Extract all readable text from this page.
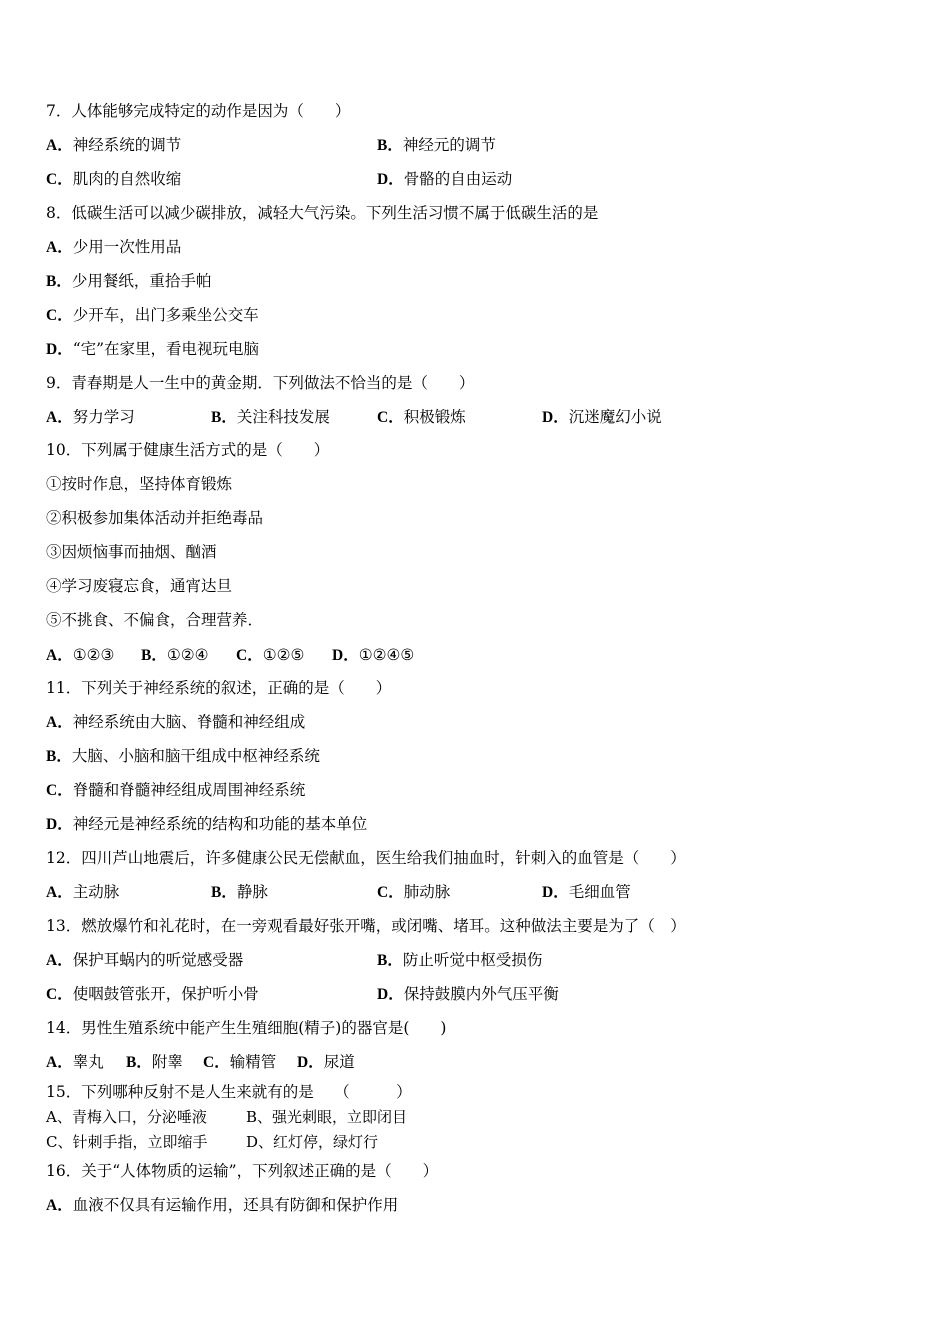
7．人体能够完成特定的动作是因为（　　）
A．神经系统的调节	B．神经元的调节
C．肌肉的自然收缩	D．骨骼的自由运动
8．低碳生活可以减少碳排放，减轻大气污染。下列生活习惯不属于低碳生活的是
A．少用一次性用品
B．少用餐纸，重拾手帕
C．少开车，出门多乘坐公交车
D．“宅”在家里，看电视玩电脑
9．青春期是人一生中的黄金期．下列做法不恰当的是（　　）
A．努力学习	B．关注科技发展	C．积极锻炼	D．沉迷魔幻小说
10．下列属于健康生活方式的是（　　）
①按时作息，坚持体育锻炼
②积极参加集体活动并拒绝毒品
③因烦恼事而抽烟、酗酒
④学习废寝忘食，通宵达旦
⑤不挑食、不偏食，合理营养．
A．①②③ B．①②④ C．①②⑤ D．①②④⑤
11．下列关于神经系统的叙述，正确的是（　　）
A．神经系统由大脑、脊髓和神经组成
B．大脑、小脑和脑干组成中枢神经系统
C．脊髓和脊髓神经组成周围神经系统
D．神经元是神经系统的结构和功能的基本单位
12．四川芦山地震后，许多健康公民无偿献血，医生给我们抽血时，针刺入的血管是（　　）
A．主动脉	B．静脉	C．肺动脉	D．毛细血管
13．燃放爆竹和礼花时，在一旁观看最好张开嘴，或闭嘴、堵耳。这种做法主要是为了（　）
A．保护耳蜗内的听觉感受器	B．防止听觉中枢受损伤
C．使咽鼓管张开，保护听小骨	D．保持鼓膜内外气压平衡
14．男性生殖系统中能产生生殖细胞(精子)的器官是(　　)
A．睾丸 B．附睾 C．输精管 D．尿道
15．下列哪种反射不是人生来就有的是　 （　　　）
A、青梅入口，分泌唾液	B、强光刺眼，立即闭目
C、针刺手指，立即缩手	D、红灯停，绿灯行
16．关于“人体物质的运输”，下列叙述正确的是（　　）
A．血液不仅具有运输作用，还具有防御和保护作用
